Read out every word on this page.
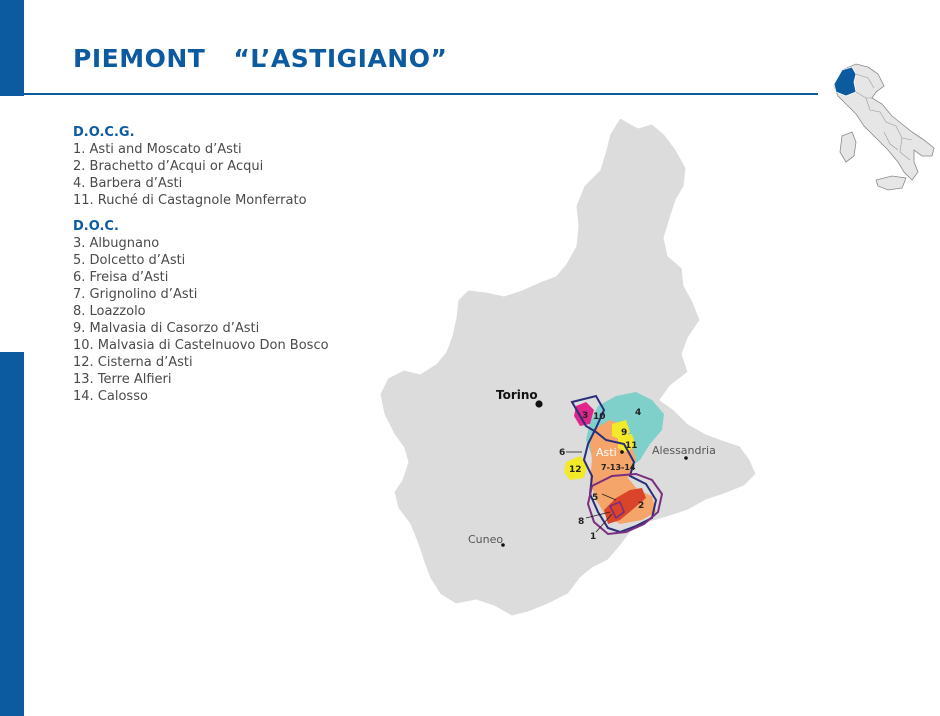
PIEMONT “L’ASTIGIANO”
D.O.C.G.
1. Asti and Moscato d’Asti
2. Brachetto d’Acqui or Acqui
4. Barbera d’Asti
11. Ruché di Castagnole Monferrato
D.O.C.
3. Albugnano
5. Dolcetto d’Asti
6. Freisa d’Asti
7. Grignolino d’Asti
8. Loazzolo
9. Malvasia di Casorzo d’Asti
10. Malvasia di Castelnuovo Don Bosco
12. Cisterna d’Asti
13. Terre Alfieri
14. Calosso	Torino
Asti	Alessandria
Cuneo
3 10	4
9
11
6
12 7-13-14
5
2
8
1
